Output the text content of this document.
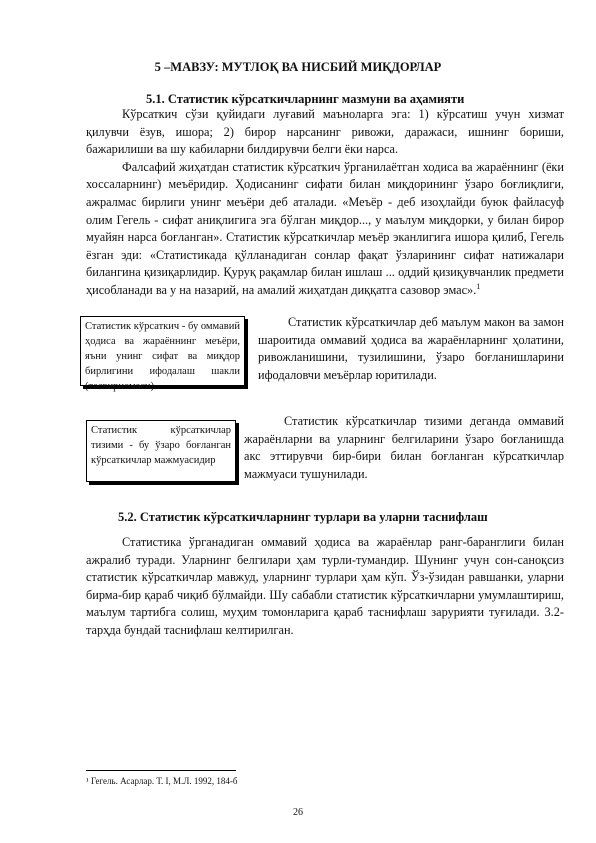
5 –МАВЗУ: МУТЛОҚ ВА НИСБИЙ МИҚДОРЛАР
5.1. Статистик кўрсаткичларнинг мазмуни ва аҳамияти

Кўрсаткич сўзи қуйидаги луғавий маъноларга эга: 1) кўрсатиш учун хизмат қилувчи ёзув, ишора; 2) бирор нарсанинг ривожи, даражаси, ишнинг бориши, бажарилиши ва шу кабиларни билдирувчи белги ёки нарса.

Фалсафий жиҳатдан статистик кўрсаткич ўрганилаётган ходиса ва жараённинг (ёки хоссаларнинг) меъёридир. Ҳодисанинг сифати билан миқдорининг ўзаро боғлиқлиги, ажралмас бирлиги унинг меъёри деб аталади. «Меъёр - деб изоҳлайди буюк файласуф олим Гегель - сифат аниқлигига эга бўлган миқдор..., у маълум миқдорки, у билан бирор муайян нарса боғланган». Статистик кўрсаткичлар меъёр эканлигига ишора қилиб, Гегель ёзган эди: «Статистикада қўлланадиган сонлар фақат ўзларининг сифат натижалари билангина қизиқарлидир. Қуруқ рақамлар билан ишлаш ... оддий қизиқувчанлик предмети ҳисобланади ва у на назарий, на амалий жиҳатдан диққатга сазовор эмас».$^1$

Статистик кўрсаткич - бу оммавий ҳодиса ва жараённинг меъёри, яъни унинг сифат ва миқдор бирлигини ифодалаш шакли (тасвирномаси)

Статистик кўрсаткичлар деб маълум макон ва замон шароитида оммавий ҳодиса ва жараёнларнинг ҳолатини, ривожланишини, тузилишини, ўзаро боғланишларини ифодаловчи меъёрлар юритилади.

Статистик кўрсаткичлар тизими - бу ўзаро боғланган кўрсаткичлар мажмуасидир

Статистик кўрсаткичлар тизими деганда оммавий жараёнларни ва уларнинг белгиларини ўзаро боғланишда акс эттирувчи бир-бири билан боғланган кўрсаткичлар мажмуаси тушунилади.

5.2. Статистик кўрсаткичларнинг турлари ва уларни таснифлаш

Статистика ўрганадиган оммавий ҳодиса ва жараёнлар ранг-баранглиги билан ажралиб туради. Уларнинг белгилари ҳам турли-тумандир. Шунинг учун сон-саноқсиз статистик кўрсаткичлар мавжуд, уларнинг турлари ҳам кўп. Ўз-ўзидан равшанки, уларни бирма-бир қараб чиқиб бўлмайди. Шу сабабли статистик кўрсаткичларни умумлаштириш, маълум тартибга солиш, муҳим томонларига қараб таснифлаш зарурияти туғилади. 3.2-тарҳда бундай таснифлаш келтирилган.

¹ Гегель. Асарлар. Т. I, М.Л. 1992, 184-б
26
